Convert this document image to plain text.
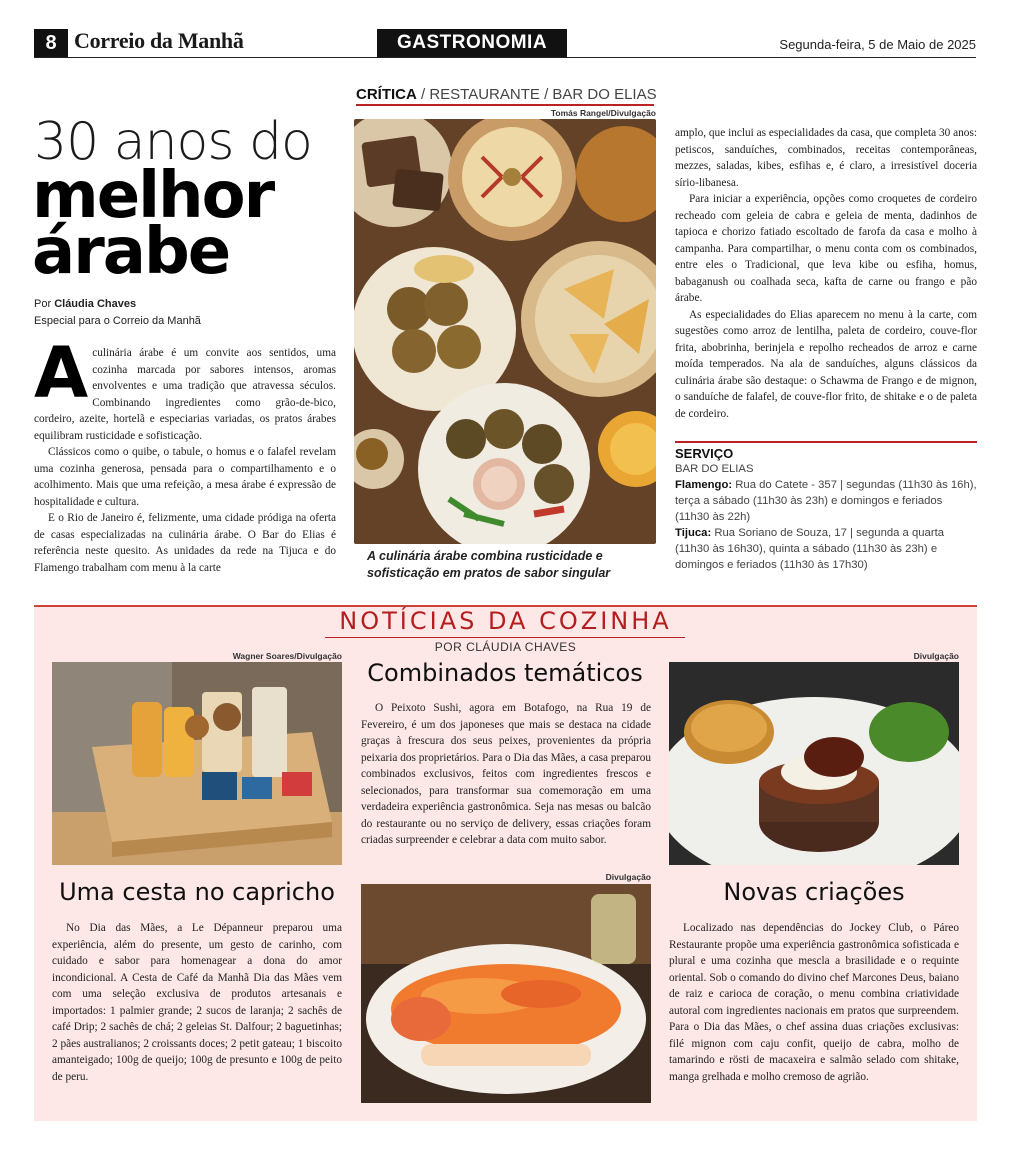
8 Correio da Manhã	GASTRONOMIA	Segunda-feira, 5 de Maio de 2025
CRÍTICA / RESTAURANTE / BAR DO ELIAS
Tomás Rangel/Divulgação
30 anos do
melhor
árabe
Por Cláudia Chaves
Especial para o Correio da Manhã

Aculinária árabe é um convite aos sentidos, uma cozinha marcada por sabores intensos, aromas envolventes e uma tradição que atravessa séculos. Combinando ingredientes como grão-de-bico, cordeiro, azeite, hortelã e especiarias variadas, os pratos árabes equilibram rusticidade e sofisticação.

Clássicos como o quibe, o tabule, o homus e o falafel revelam uma cozinha generosa, pensada para o compartilhamento e o acolhimento. Mais que uma refeição, a mesa árabe é expressão de hospitalidade e cultura.

E o Rio de Janeiro é, felizmente, uma cidade pródiga na oferta de casas especializadas na culinária árabe. O Bar do Elias é referência neste quesito. As unidades da rede na Tijuca e do Flamengo trabalham com menu à la carte

A culinária árabe combina rusticidade e sofisticação em pratos de sabor singular

amplo, que inclui as especialidades da casa, que completa 30 anos: petiscos, sanduíches, combinados, receitas contemporâneas, mezzes, saladas, kibes, esfihas e, é claro, a irresistível doceria sírio-libanesa.

Para iniciar a experiência, opções como croquetes de cordeiro recheado com geleia de cabra e geleia de menta, dadinhos de tapioca e chorizo fatiado escoltado de farofa da casa e molho à campanha. Para compartilhar, o menu conta com os combinados, entre eles o Tradicional, que leva kibe ou esfiha, homus, babaganush ou coalhada seca, kafta de carne ou frango e pão árabe.

As especialidades do Elias aparecem no menu à la carte, com sugestões como arroz de lentilha, paleta de cordeiro, couve-flor frita, abobrinha, berinjela e repolho recheados de arroz e carne moída temperados. Na ala de sanduíches, alguns clássicos da culinária árabe são destaque: o Schawma de Frango e de mignon, o sanduíche de falafel, de couve-flor frito, de shitake e o de paleta de cordeiro.

SERVIÇO
BAR DO ELIAS
Flamengo: Rua do Catete - 357 | segundas (11h30 às 16h), terça a sábado (11h30 às 23h) e domingos e feriados (11h30 às 22h)
Tijuca: Rua Soriano de Souza, 17 | segunda a quarta (11h30 às 16h30), quinta a sábado (11h30 às 23h) e domingos e feriados (11h30 às 17h30)
NOTÍCIAS DA COZINHA
POR CLÁUDIA CHAVES
Wagner Soares/Divulgação
Uma cesta no capricho

No Dia das Mães, a Le Dépanneur preparou uma experiência, além do presente, um gesto de carinho, com cuidado e sabor para homenagear a dona do amor incondicional. A Cesta de Café da Manhã Dia das Mães vem com uma seleção exclusiva de produtos artesanais e importados: 1 palmier grande; 2 sucos de laranja; 2 sachês de café Drip; 2 sachês de chá; 2 geleias St. Dalfour; 2 baguetinhas; 2 pães australianos; 2 croissants doces; 2 petit gateau; 1 biscoito amanteigado; 100g de queijo; 100g de presunto e 100g de peito de peru.

Combinados temáticos

O Peixoto Sushi, agora em Botafogo, na Rua 19 de Fevereiro, é um dos japoneses que mais se destaca na cidade graças à frescura dos seus peixes, provenientes da própria peixaria dos proprietários. Para o Dia das Mães, a casa preparou combinados exclusivos, feitos com ingredientes frescos e selecionados, para transformar sua comemoração em uma verdadeira experiência gastronômica. Seja nas mesas ou balcão do restaurante ou no serviço de delivery, essas criações foram criadas surpreender e celebrar a data com muito sabor.

Divulgação
Divulgação
Novas criações

Localizado nas dependências do Jockey Club, o Páreo Restaurante propõe uma experiência gastronômica sofisticada e plural e uma cozinha que mescla a brasilidade e o requinte oriental. Sob o comando do divino chef Marcones Deus, baiano de raiz e carioca de coração, o menu combina criatividade autoral com ingredientes nacionais em pratos que surpreendem. Para o Dia das Mães, o chef assina duas criações exclusivas: filé mignon com caju confit, queijo de cabra, molho de tamarindo e rösti de macaxeira e salmão selado com shitake, manga grelhada e molho cremoso de agrião.
